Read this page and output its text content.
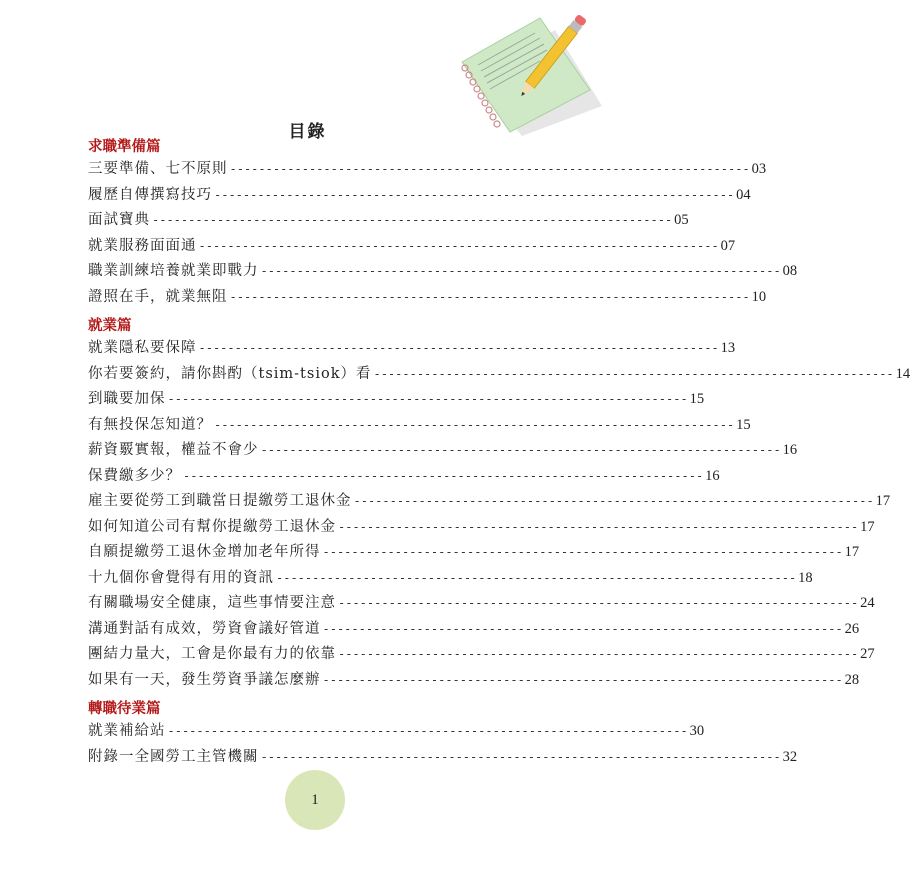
目錄
求職準備篇
三要準備、七不原則 ------------------------------------------------------------------------ 03
履歷自傳撰寫技巧 ------------------------------------------------------------------------ 04
面試寶典 ------------------------------------------------------------------------ 05
就業服務面面通 ------------------------------------------------------------------------ 07
職業訓練培養就業即戰力 ------------------------------------------------------------------------ 08
證照在手，就業無阻 ------------------------------------------------------------------------ 10
就業篇
就業隱私要保障 ------------------------------------------------------------------------ 13
你若要簽約，請你斟酌（tsim-tsiok）看 ------------------------------------------------------------------------ 14
到職要加保 ------------------------------------------------------------------------ 15
有無投保怎知道？ ------------------------------------------------------------------------ 15
薪資覈實報，權益不會少 ------------------------------------------------------------------------ 16
保費繳多少？ ------------------------------------------------------------------------ 16
雇主要從勞工到職當日提繳勞工退休金 ------------------------------------------------------------------------ 17
如何知道公司有幫你提繳勞工退休金 ------------------------------------------------------------------------ 17
自願提繳勞工退休金增加老年所得 ------------------------------------------------------------------------ 17
十九個你會覺得有用的資訊 ------------------------------------------------------------------------ 18
有關職場安全健康，這些事情要注意 ------------------------------------------------------------------------ 24
溝通對話有成效，勞資會議好管道 ------------------------------------------------------------------------ 26
團結力量大，工會是你最有力的依靠 ------------------------------------------------------------------------ 27
如果有一天，發生勞資爭議怎麼辦 ------------------------------------------------------------------------ 28
轉職待業篇
就業補給站 ------------------------------------------------------------------------ 30
附錄一全國勞工主管機關 ------------------------------------------------------------------------ 32
1
